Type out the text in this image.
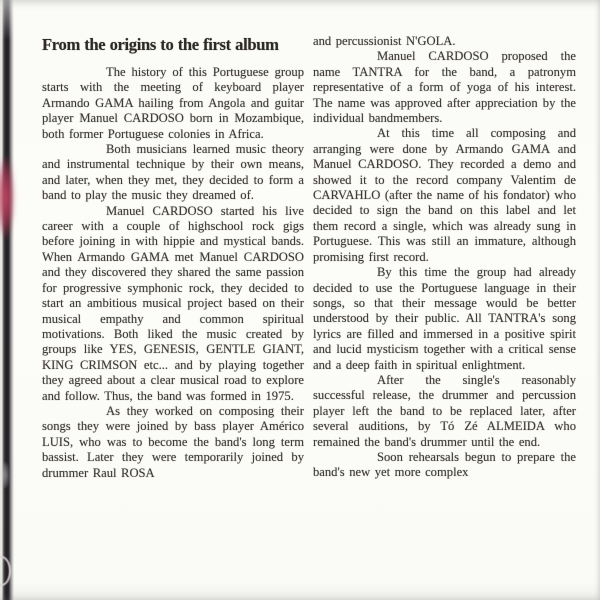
From the origins to the first album

The history of this Portuguese group starts with the meeting of keyboard player Armando GAMA hailing from Angola and guitar player Manuel CARDOSO born in Mozambique, both former Portuguese colonies in Africa.

Both musicians learned music theory and instrumental technique by their own means, and later, when they met, they decided to form a band to play the music they dreamed of.

Manuel CARDOSO started his live career with a couple of highschool rock gigs before joining in with hippie and mystical bands. When Armando GAMA met Manuel CARDOSO and they discovered they shared the same passion for progressive symphonic rock, they decided to start an ambitious musical project based on their musical empathy and common spiritual motivations. Both liked the music created by groups like YES, GENESIS, GENTLE GIANT, KING CRIMSON etc... and by playing together they agreed about a clear musical road to explore and follow. Thus, the band was formed in 1975.

As they worked on composing their songs they were joined by bass player Américo LUIS, who was to become the band's long term bassist. Later they were temporarily joined by drummer Raul ROSA

and percussionist N'GOLA.

Manuel CARDOSO proposed the name TANTRA for the band, a patronym representative of a form of yoga of his interest. The name was approved after appreciation by the individual bandmembers.

At this time all composing and arranging were done by Armando GAMA and Manuel CARDOSO. They recorded a demo and showed it to the record company Valentim de CARVAHLO (after the name of his fondator) who decided to sign the band on this label and let them record a single, which was already sung in Portuguese. This was still an immature, although promising first record.

By this time the group had already decided to use the Portuguese language in their songs, so that their message would be better understood by their public. All TANTRA's song lyrics are filled and immersed in a positive spirit and lucid mysticism together with a critical sense and a deep faith in spiritual enlightment.

After the single's reasonably successful release, the drummer and percussion player left the band to be replaced later, after several auditions, by Tó Zé ALMEIDA who remained the band's drummer until the end.

Soon rehearsals begun to prepare the band's new yet more complex
